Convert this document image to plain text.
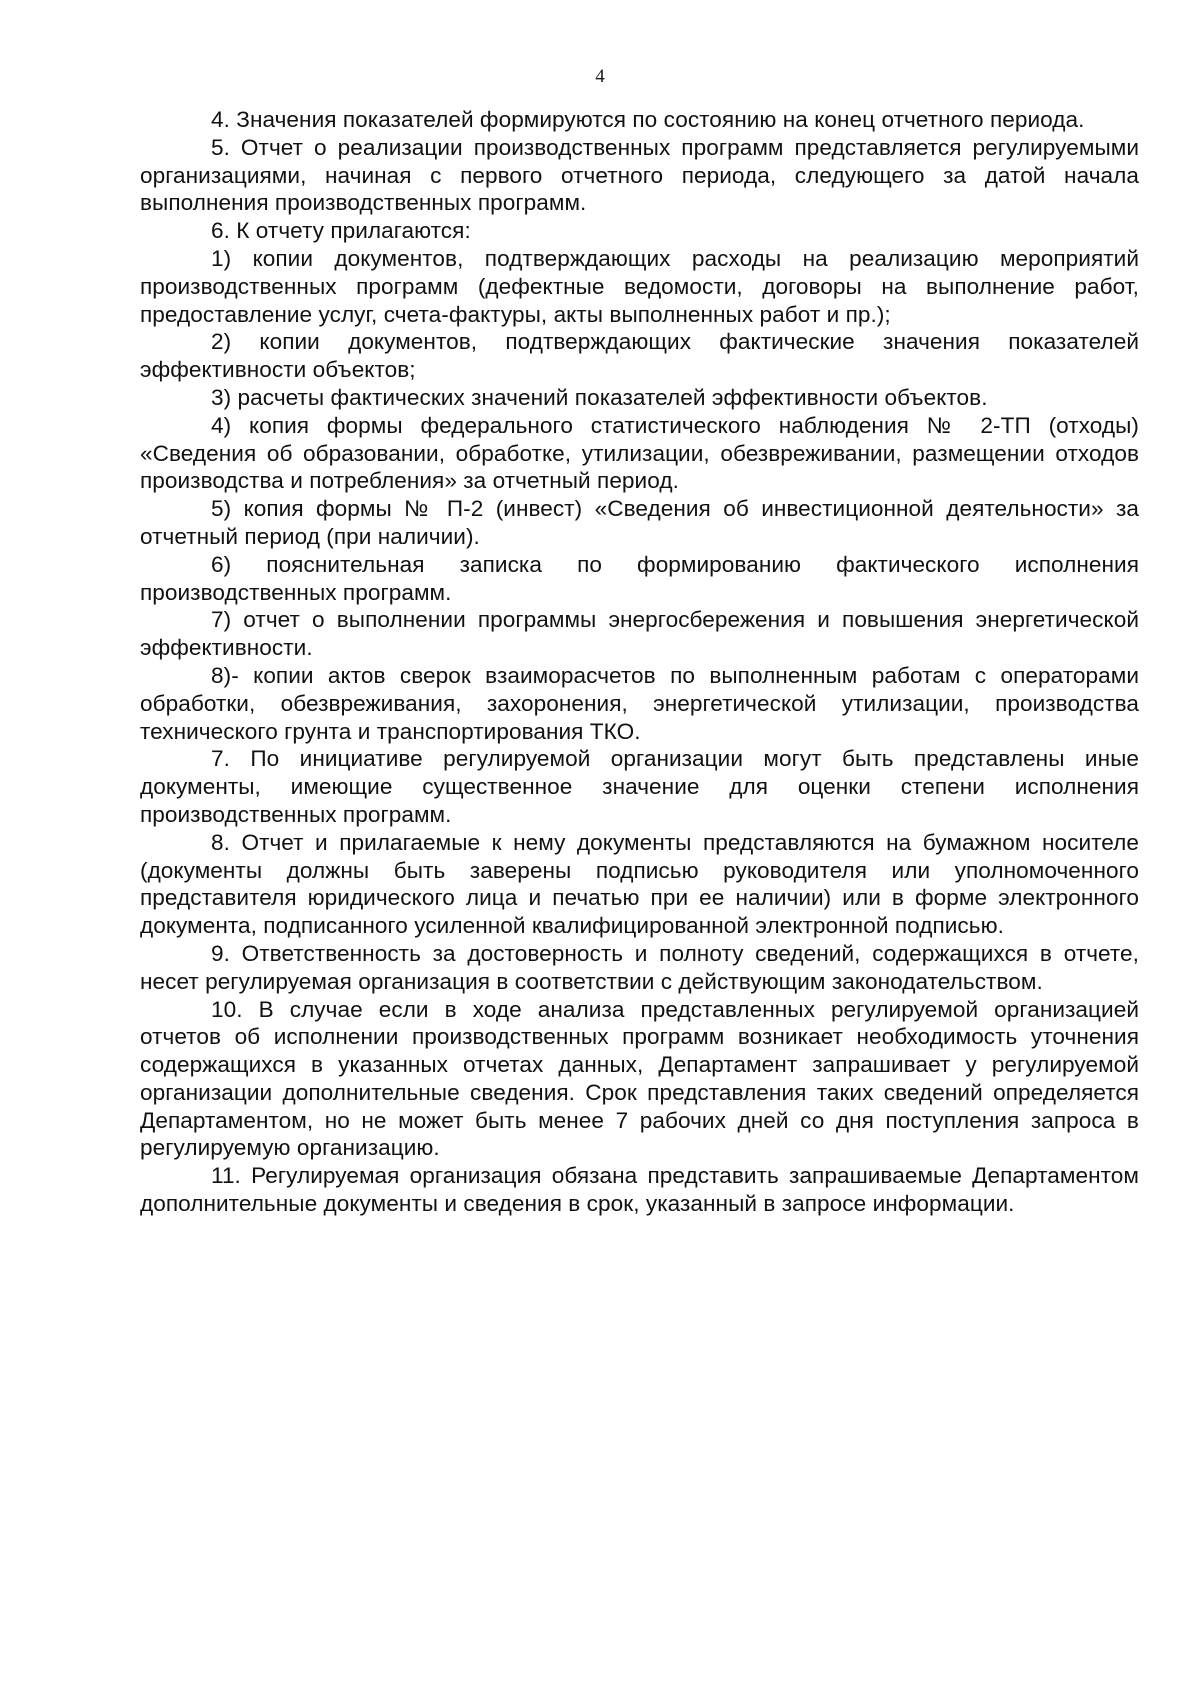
4

4. Значения показателей формируются по состоянию на конец отчетного периода.

5. Отчет о реализации производственных программ представляется регулируемыми организациями, начиная с первого отчетного периода, следующего за датой начала выполнения производственных программ.

6. К отчету прилагаются:

1) копии документов, подтверждающих расходы на реализацию мероприятий производственных программ (дефектные ведомости, договоры на выполнение работ, предоставление услуг, счета-фактуры, акты выполненных работ и пр.);

2) копии документов, подтверждающих фактические значения показателей эффективности объектов;

3) расчеты фактических значений показателей эффективности объектов.

4) копия формы федерального статистического наблюдения № 2-ТП (отходы) «Сведения об образовании, обработке, утилизации, обезвреживании, размещении отходов производства и потребления» за отчетный период.

5) копия формы № П-2 (инвест) «Сведения об инвестиционной деятельности» за отчетный период (при наличии).

6) пояснительная записка по формированию фактического исполнения производственных программ.

7) отчет о выполнении программы энергосбережения и повышения энергетической эффективности.

8)- копии актов сверок взаиморасчетов по выполненным работам с операторами обработки, обезвреживания, захоронения, энергетической утилизации, производства технического грунта и транспортирования ТКО.

7. По инициативе регулируемой организации могут быть представлены иные документы, имеющие существенное значение для оценки степени исполнения производственных программ.

8. Отчет и прилагаемые к нему документы представляются на бумажном носителе (документы должны быть заверены подписью руководителя или уполномоченного представителя юридического лица и печатью при ее наличии) или в форме электронного документа, подписанного усиленной квалифицированной электронной подписью.

9. Ответственность за достоверность и полноту сведений, содержащихся в отчете, несет регулируемая организация в соответствии с действующим законодательством.

10. В случае если в ходе анализа представленных регулируемой организацией отчетов об исполнении производственных программ возникает необходимость уточнения содержащихся в указанных отчетах данных, Департамент запрашивает у регулируемой организации дополнительные сведения. Срок представления таких сведений определяется Департаментом, но не может быть менее 7 рабочих дней со дня поступления запроса в регулируемую организацию.

11. Регулируемая организация обязана представить запрашиваемые Департаментом дополнительные документы и сведения в срок, указанный в запросе информации.
